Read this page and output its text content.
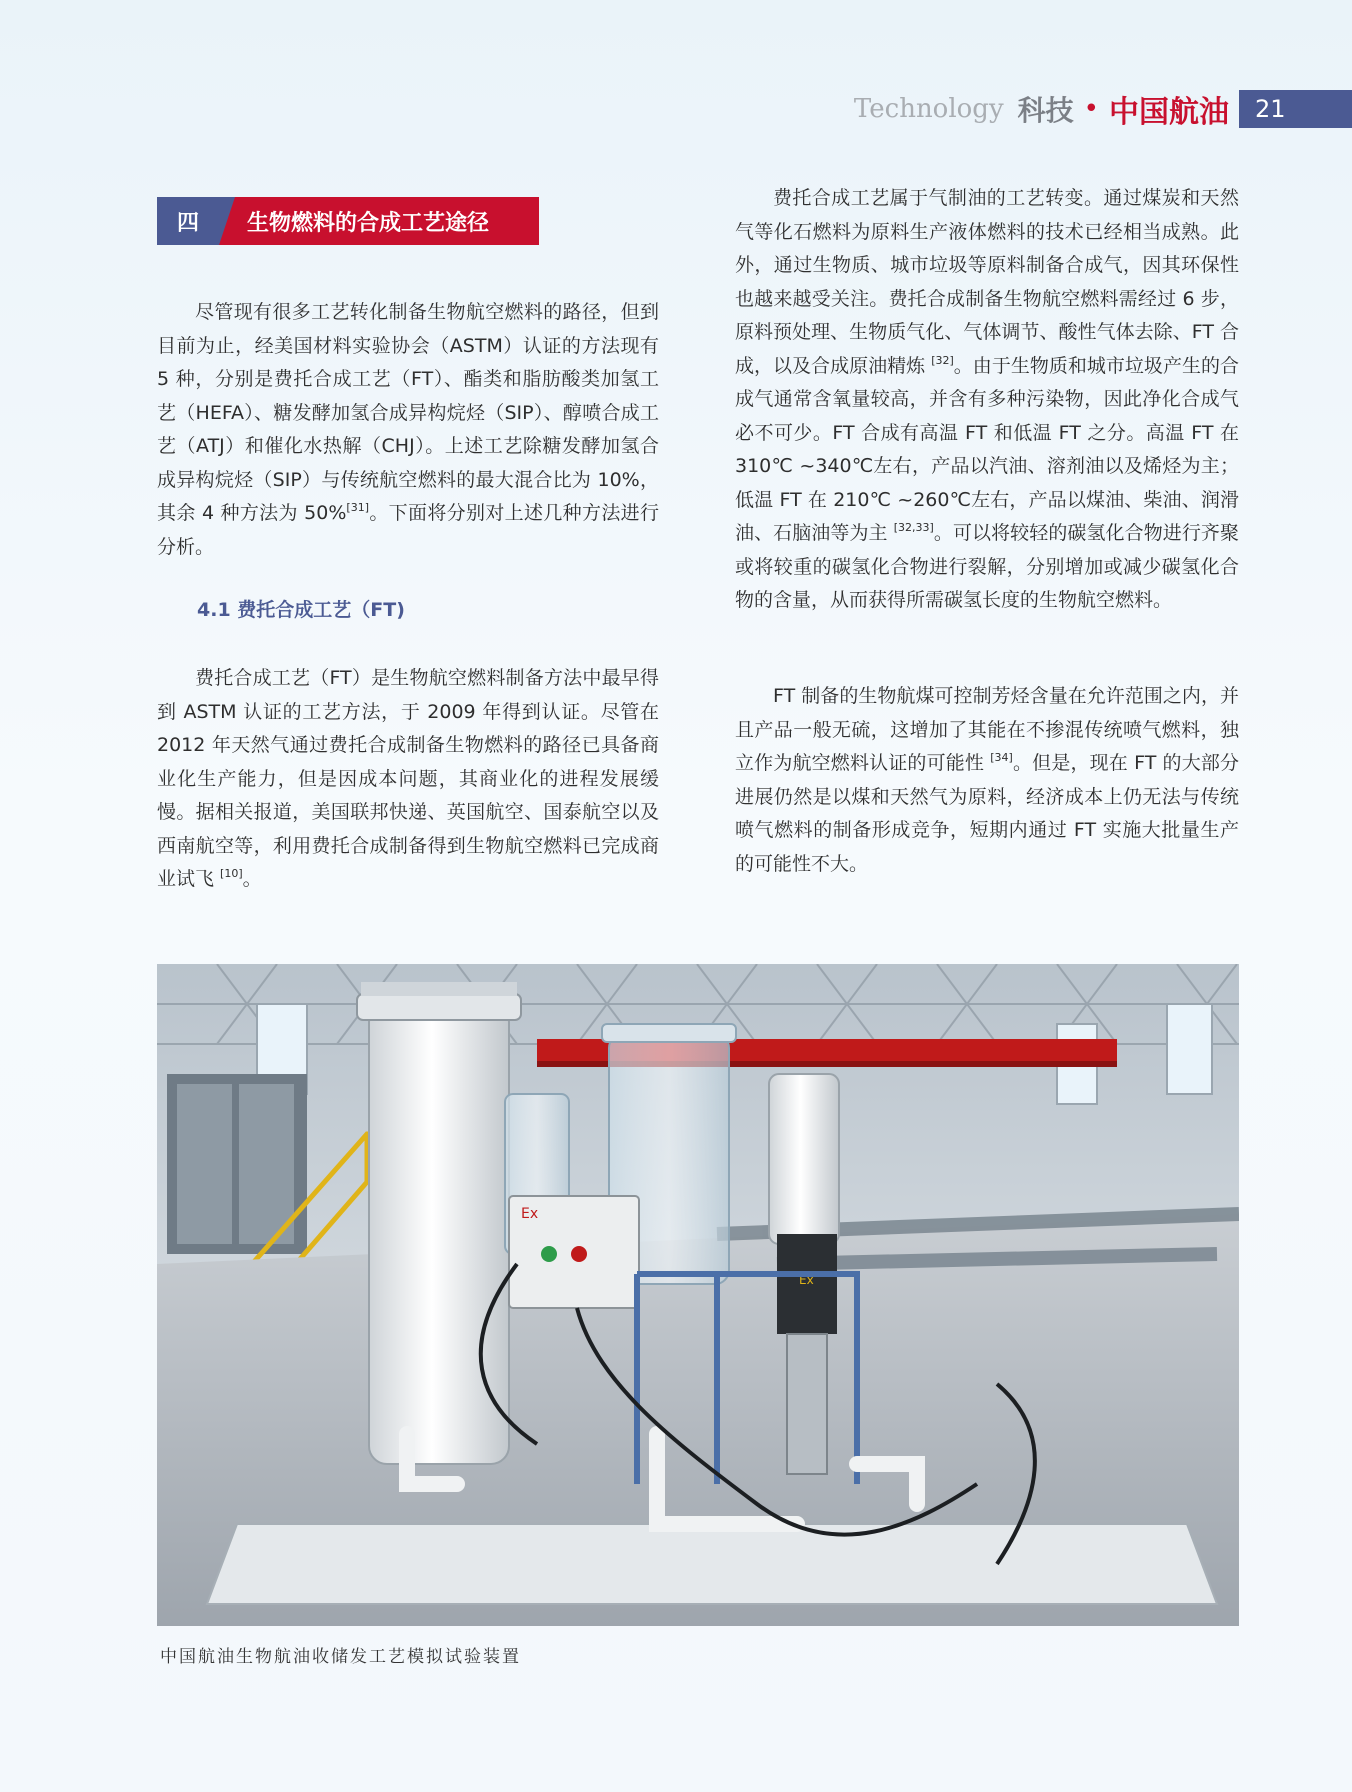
Technology 科技 • 中国航油	21
四	生物燃料的合成工艺途径

尽管现有很多工艺转化制备生物航空燃料的路径，但到目前为止，经美国材料实验协会（ASTM）认证的方法现有 5 种，分别是费托合成工艺（FT）、酯类和脂肪酸类加氢工艺（HEFA）、糖发酵加氢合成异构烷烃（SIP）、醇喷合成工艺（ATJ）和催化水热解（CHJ）。上述工艺除糖发酵加氢合成异构烷烃（SIP）与传统航空燃料的最大混合比为 10%，其余 4 种方法为 50%[31]。下面将分别对上述几种方法进行分析。

4.1 费托合成工艺（FT)

费托合成工艺（FT）是生物航空燃料制备方法中最早得到 ASTM 认证的工艺方法，于 2009 年得到认证。尽管在 2012 年天然气通过费托合成制备生物燃料的路径已具备商业化生产能力，但是因成本问题，其商业化的进程发展缓慢。据相关报道，美国联邦快递、英国航空、国泰航空以及西南航空等，利用费托合成制备得到生物航空燃料已完成商业试飞 [10]。

费托合成工艺属于气制油的工艺转变。通过煤炭和天然气等化石燃料为原料生产液体燃料的技术已经相当成熟。此外，通过生物质、城市垃圾等原料制备合成气，因其环保性也越来越受关注。费托合成制备生物航空燃料需经过 6 步，原料预处理、生物质气化、气体调节、酸性气体去除、FT 合成，以及合成原油精炼 [32]。由于生物质和城市垃圾产生的合成气通常含氧量较高，并含有多种污染物，因此净化合成气必不可少。FT 合成有高温 FT 和低温 FT 之分。高温 FT 在 310℃ ~340℃左右，产品以汽油、溶剂油以及烯烃为主；低温 FT 在 210℃ ~260℃左右，产品以煤油、柴油、润滑油、石脑油等为主 [32,33]。可以将较轻的碳氢化合物进行齐聚或将较重的碳氢化合物进行裂解，分别增加或减少碳氢化合物的含量，从而获得所需碳氢长度的生物航空燃料。

FT 制备的生物航煤可控制芳烃含量在允许范围之内，并且产品一般无硫，这增加了其能在不掺混传统喷气燃料，独立作为航空燃料认证的可能性 [34]。但是，现在 FT 的大部分进展仍然是以煤和天然气为原料，经济成本上仍无法与传统喷气燃料的制备形成竞争，短期内通过 FT 实施大批量生产的可能性不大。

Ex
Ex
中国航油生物航油收储发工艺模拟试验装置
